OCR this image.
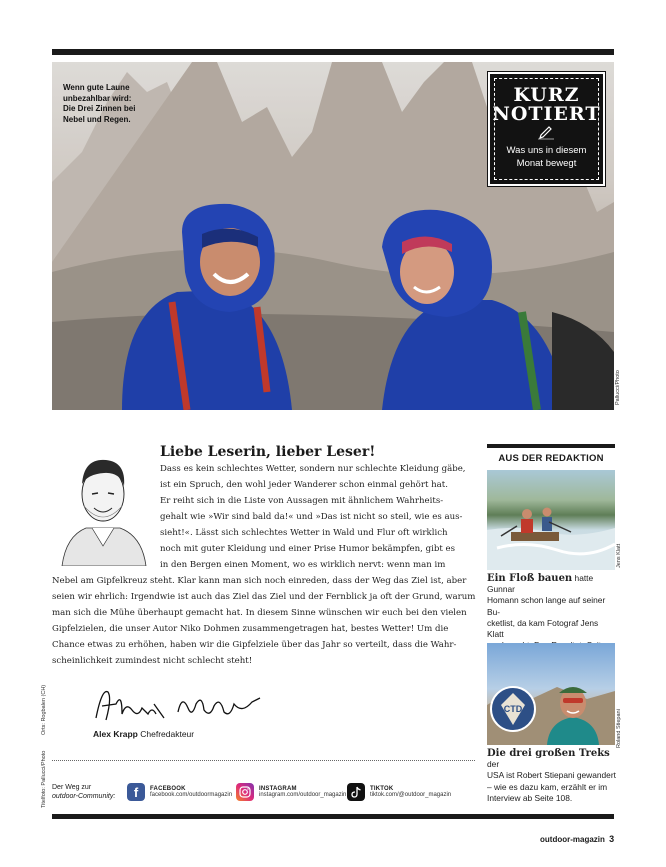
Wenn gute Laune
unbezahlbar wird:
Die Drei Zinnen bei
Nebel und Regen.
KURZ
NOTIERT
Was uns in diesem
Monat bewegt
Pallucci/Photo
Liebe Leserin, lieber Leser!
Dass es kein schlechtes Wetter, sondern nur schlechte Kleidung gäbe,
ist ein Spruch, den wohl jeder Wanderer schon einmal gehört hat.
Er reiht sich in die Liste von Aussagen mit ähnlichem Wahrheits-
gehalt wie »Wir sind bald da!« und »Das ist nicht so steil, wie es aus-
sieht!«. Lässt sich schlechtes Wetter in Wald und Flur oft wirklich
noch mit guter Kleidung und einer Prise Humor bekämpfen, gibt es
in den Bergen einen Moment, wo es wirklich nervt: wenn man im
Nebel am Gipfelkreuz steht. Klar kann man sich noch einreden, dass der Weg das Ziel ist, aber
seien wir ehrlich: Irgendwie ist auch das Ziel das Ziel und der Fernblick ja oft der Grund, warum
man sich die Mühe überhaupt gemacht hat. In diesem Sinne wünschen wir euch bei den vielen
Gipfelzielen, die unser Autor Niko Dohmen zusammengetragen hat, bestes Wetter! Um die
Chance etwas zu erhöhen, haben wir die Gipfelziele über das Jahr so verteilt, dass die Wahr-
scheinlichkeit zumindest nicht schlecht steht!
Alex Krapp Chefredakteur
Orts: Rogbalen (CH)
Titelfoto: Pallucci/Photo Der Weg zur
outdoor-Community:	f	FACEBOOK
facebook.com/outdoormagazin
INSTAGRAM
instagram.com/outdoor_magazin
TIKTOK
tiktok.com/@outdoor_magazin
AUS DER REDAKTION
Jens Klatt
Ein Floß bauen hatte Gunnar
Homann schon lange auf seiner Bu-
cketlist, da kam Fotograf Jens Klatt
CTD
Roland Stiepani
Die drei großen Treks der
USA ist Robert Stiepani gewandert
– wie es dazu kam, erzählt er im
Interview ab Seite 108.
outdoor-magazin 3
